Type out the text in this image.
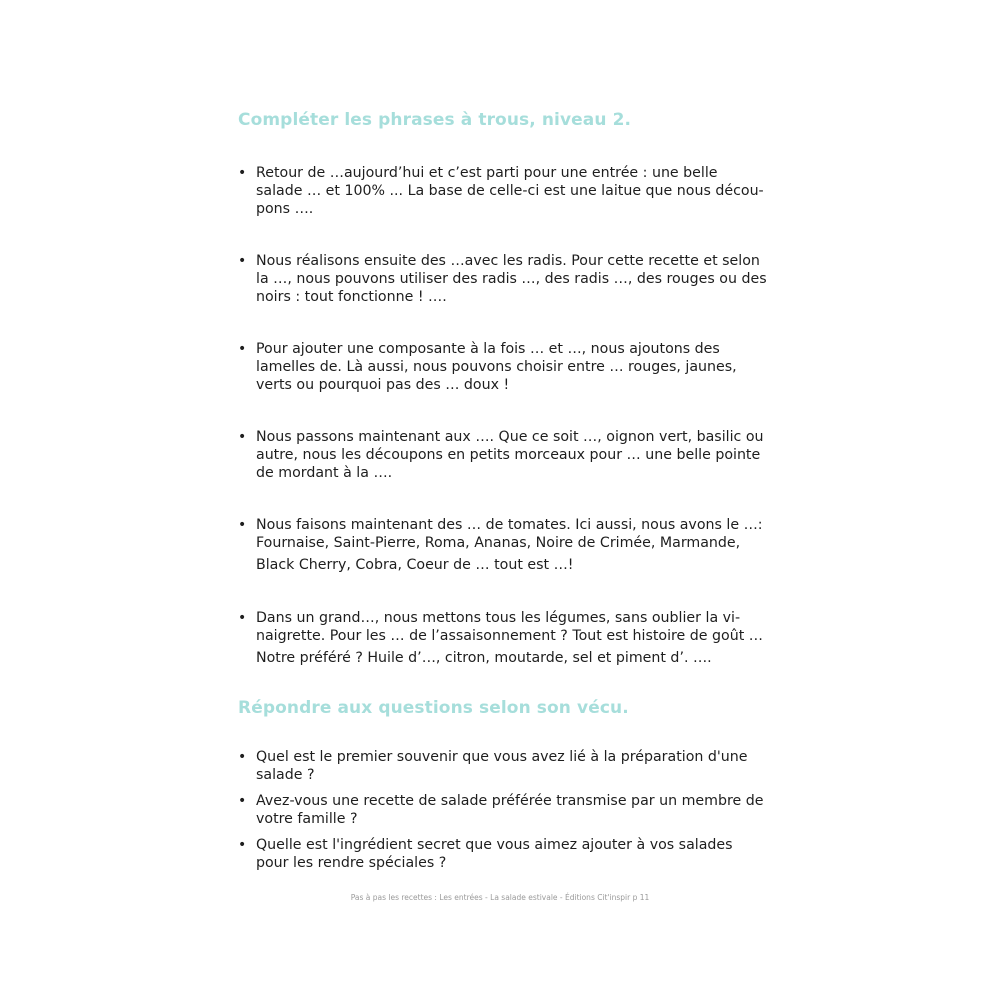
Compléter les phrases à trous, niveau 2.
• Retour de …aujourd’hui et c’est parti pour une entrée : une belle
salade … et 100% ... La base de celle-ci est une laitue que nous décou-
pons ….
• Nous réalisons ensuite des …avec les radis. Pour cette recette et selon
la …, nous pouvons utiliser des radis …, des radis …, des rouges ou des
noirs : tout fonctionne ! ….
• Pour ajouter une composante à la fois … et …, nous ajoutons des
lamelles de. Là aussi, nous pouvons choisir entre … rouges, jaunes,
verts ou pourquoi pas des … doux !
• Nous passons maintenant aux …. Que ce soit …, oignon vert, basilic ou
autre, nous les découpons en petits morceaux pour … une belle pointe
de mordant à la ….
• Nous faisons maintenant des … de tomates. Ici aussi, nous avons le …:
Fournaise, Saint-Pierre, Roma, Ananas, Noire de Crimée, Marmande,
Black Cherry, Cobra, Coeur de … tout est …!
• Dans un grand…, nous mettons tous les légumes, sans oublier la vi-
naigrette. Pour les … de l’assaisonnement ? Tout est histoire de goût …
Notre préféré ? Huile d’…, citron, moutarde, sel et piment d’. ….
Répondre aux questions selon son vécu.
• Quel est le premier souvenir que vous avez lié à la préparation d'une
salade ?
• Avez-vous une recette de salade préférée transmise par un membre de
votre famille ?
• Quelle est l'ingrédient secret que vous aimez ajouter à vos salades
pour les rendre spéciales ?
Pas à pas les recettes : Les entrées - La salade estivale - Éditions Cit'inspir p 11
